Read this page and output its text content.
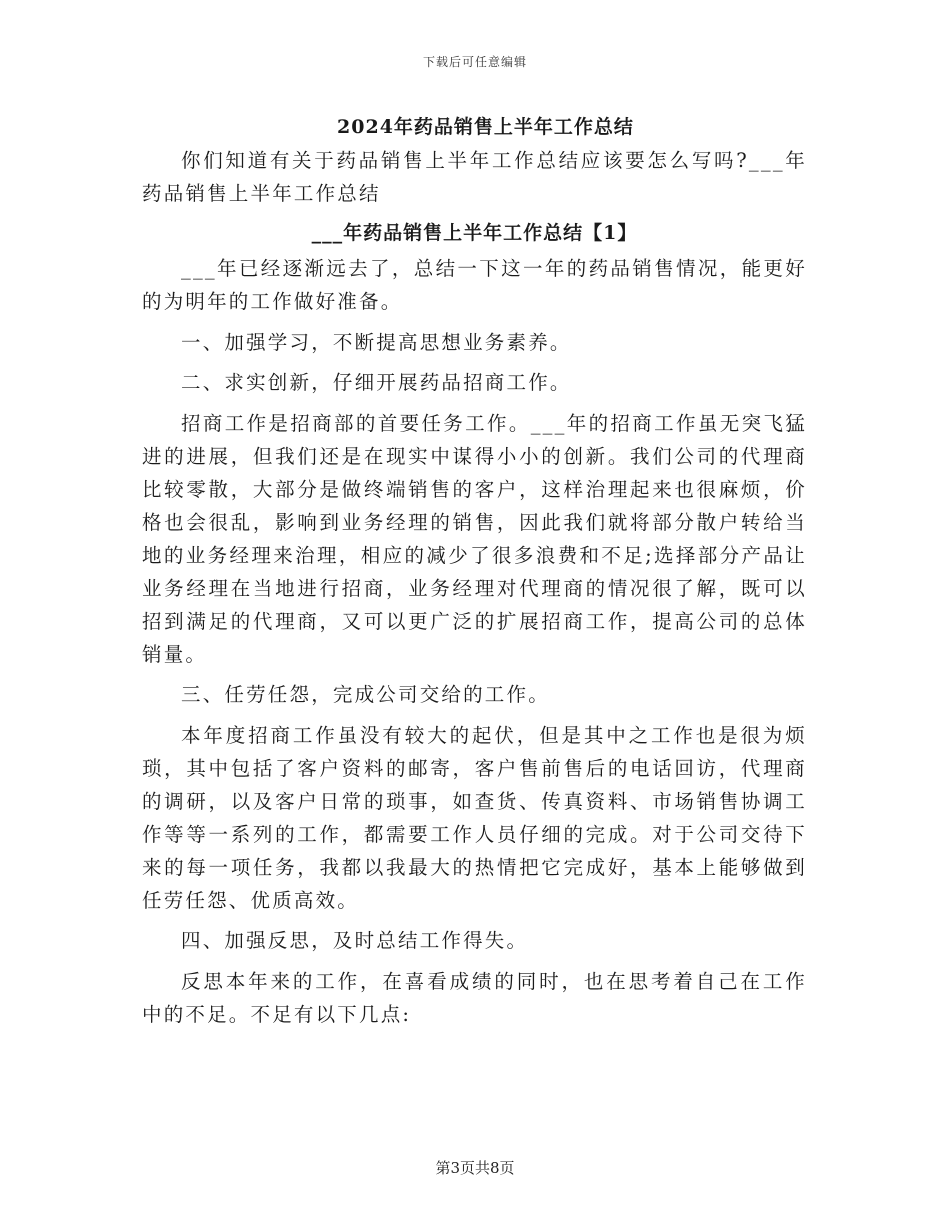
下载后可任意编辑
2024年药品销售上半年工作总结

你们知道有关于药品销售上半年工作总结应该要怎么写吗?___年药品销售上半年工作总结

___年药品销售上半年工作总结【1】

___年已经逐渐远去了，总结一下这一年的药品销售情况，能更好的为明年的工作做好准备。

一、加强学习，不断提高思想业务素养。

二、求实创新，仔细开展药品招商工作。

招商工作是招商部的首要任务工作。___年的招商工作虽无突飞猛进的进展，但我们还是在现实中谋得小小的创新。我们公司的代理商比较零散，大部分是做终端销售的客户，这样治理起来也很麻烦，价格也会很乱，影响到业务经理的销售，因此我们就将部分散户转给当地的业务经理来治理，相应的减少了很多浪费和不足;选择部分产品让业务经理在当地进行招商，业务经理对代理商的情况很了解，既可以招到满足的代理商，又可以更广泛的扩展招商工作，提高公司的总体销量。

三、任劳任怨，完成公司交给的工作。

本年度招商工作虽没有较大的起伏，但是其中之工作也是很为烦琐，其中包括了客户资料的邮寄，客户售前售后的电话回访，代理商的调研，以及客户日常的琐事，如查货、传真资料、市场销售协调工作等等一系列的工作，都需要工作人员仔细的完成。对于公司交待下来的每一项任务，我都以我最大的热情把它完成好，基本上能够做到任劳任怨、优质高效。

四、加强反思，及时总结工作得失。

反思本年来的工作，在喜看成绩的同时，也在思考着自己在工作中的不足。不足有以下几点:

第3页共8页
